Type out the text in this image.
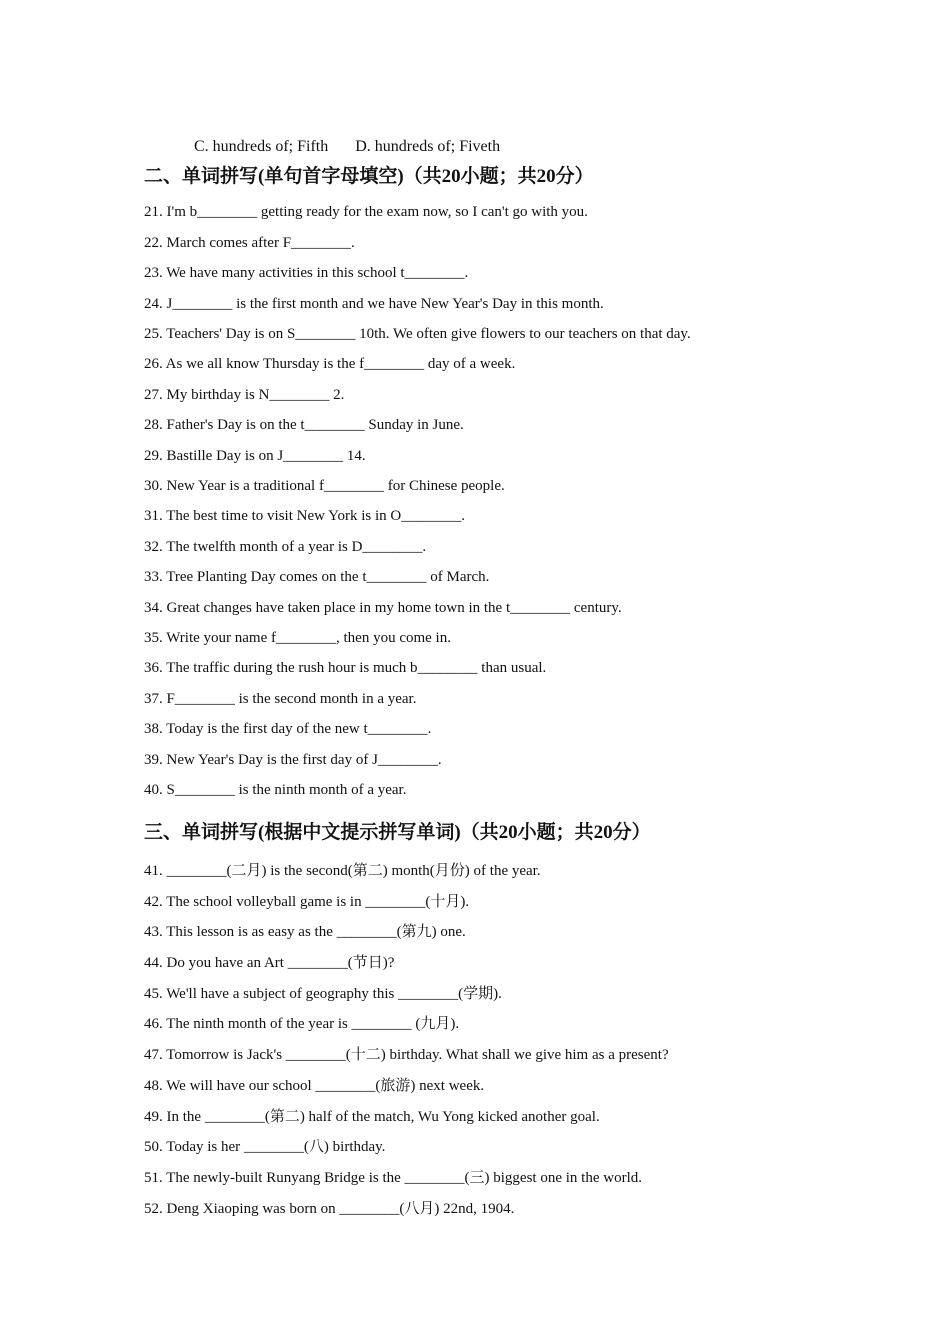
C. hundreds of; Fifth D. hundreds of; Fiveth

二、单词拼写(单句首字母填空)（共20小题；共20分）
21. I'm b________ getting ready for the exam now, so I can't go with you.
22. March comes after F________.
23. We have many activities in this school t________.
24. J________ is the first month and we have New Year's Day in this month.
25. Teachers' Day is on S________ 10th. We often give flowers to our teachers on that day.
26. As we all know Thursday is the f________ day of a week.
27. My birthday is N________ 2.
28. Father's Day is on the t________ Sunday in June.
29. Bastille Day is on J________ 14.
30. New Year is a traditional f________ for Chinese people.
31. The best time to visit New York is in O________.
32. The twelfth month of a year is D________.
33. Tree Planting Day comes on the t________ of March.
34. Great changes have taken place in my home town in the t________ century.
35. Write your name f________, then you come in.
36. The traffic during the rush hour is much b________ than usual.
37. F________ is the second month in a year.
38. Today is the first day of the new t________.
39. New Year's Day is the first day of J________.
40. S________ is the ninth month of a year.
三、单词拼写(根据中文提示拼写单词)（共20小题；共20分）
41. ________(二月) is the second(第二) month(月份) of the year.
42. The school volleyball game is in ________(十月).
43. This lesson is as easy as the ________(第九) one.
44. Do you have an Art ________(节日)?
45. We'll have a subject of geography this ________(学期).
46. The ninth month of the year is ________ (九月).
47. Tomorrow is Jack's ________(十二) birthday. What shall we give him as a present?
48. We will have our school ________(旅游) next week.
49. In the ________(第二) half of the match, Wu Yong kicked another goal.
50. Today is her ________(八) birthday.
51. The newly-built Runyang Bridge is the ________(三) biggest one in the world.
52. Deng Xiaoping was born on ________(八月) 22nd, 1904.
